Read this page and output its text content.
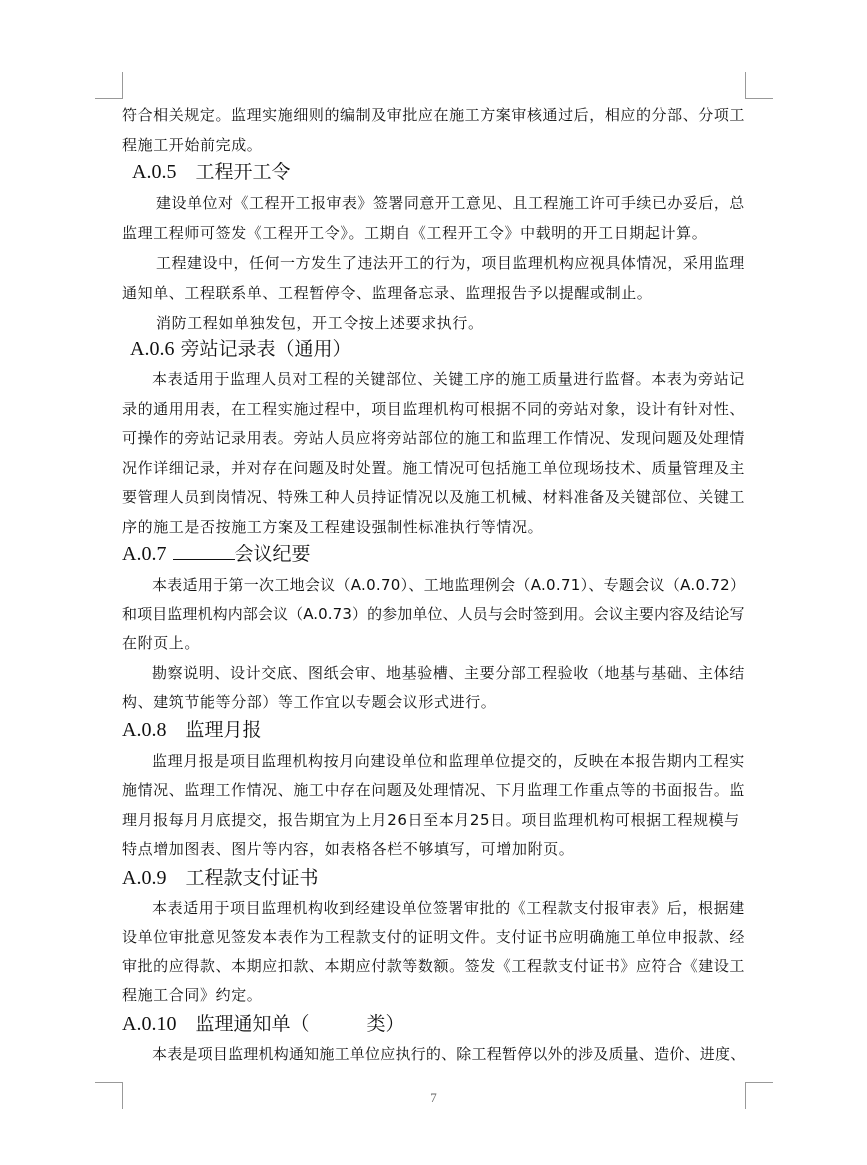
符合相关规定。监理实施细则的编制及审批应在施工方案审核通过后，相应的分部、分项工
程施工开始前完成。
A.0.5  工程开工令
建设单位对《工程开工报审表》签署同意开工意见、且工程施工许可手续已办妥后，总
监理工程师可签发《工程开工令》。工期自《工程开工令》中载明的开工日期起计算。
工程建设中，任何一方发生了违法开工的行为，项目监理机构应视具体情况，采用监理
通知单、工程联系单、工程暂停令、监理备忘录、监理报告予以提醒或制止。
消防工程如单独发包，开工令按上述要求执行。
A.0.6 旁站记录表（通用）
本表适用于监理人员对工程的关键部位、关键工序的施工质量进行监督。本表为旁站记
录的通用用表，在工程实施过程中，项目监理机构可根据不同的旁站对象，设计有针对性、
可操作的旁站记录用表。旁站人员应将旁站部位的施工和监理工作情况、发现问题及处理情
况作详细记录，并对存在问题及时处置。施工情况可包括施工单位现场技术、质量管理及主
要管理人员到岗情况、特殊工种人员持证情况以及施工机械、材料准备及关键部位、关键工
序的施工是否按施工方案及工程建设强制性标准执行等情况。
A.0.7	会议纪要
本表适用于第一次工地会议（A.0.70）、工地监理例会（A.0.71）、专题会议（A.0.72）
和项目监理机构内部会议（A.0.73）的参加单位、人员与会时签到用。会议主要内容及结论写
在附页上。
勘察说明、设计交底、图纸会审、地基验槽、主要分部工程验收（地基与基础、主体结
构、建筑节能等分部）等工作宜以专题会议形式进行。
A.0.8  监理月报
监理月报是项目监理机构按月向建设单位和监理单位提交的，反映在本报告期内工程实
施情况、监理工作情况、施工中存在问题及处理情况、下月监理工作重点等的书面报告。监
理月报每月月底提交，报告期宜为上月26日至本月25日。项目监理机构可根据工程规模与
特点增加图表、图片等内容，如表格各栏不够填写，可增加附页。
A.0.9  工程款支付证书
本表适用于项目监理机构收到经建设单位签署审批的《工程款支付报审表》后，根据建
设单位审批意见签发本表作为工程款支付的证明文件。支付证书应明确施工单位申报款、经
审批的应得款、本期应扣款、本期应付款等数额。签发《工程款支付证书》应符合《建设工
程施工合同》约定。
A.0.10  监理通知单（　　　类）
本表是项目监理机构通知施工单位应执行的、除工程暂停以外的涉及质量、造价、进度、
7
